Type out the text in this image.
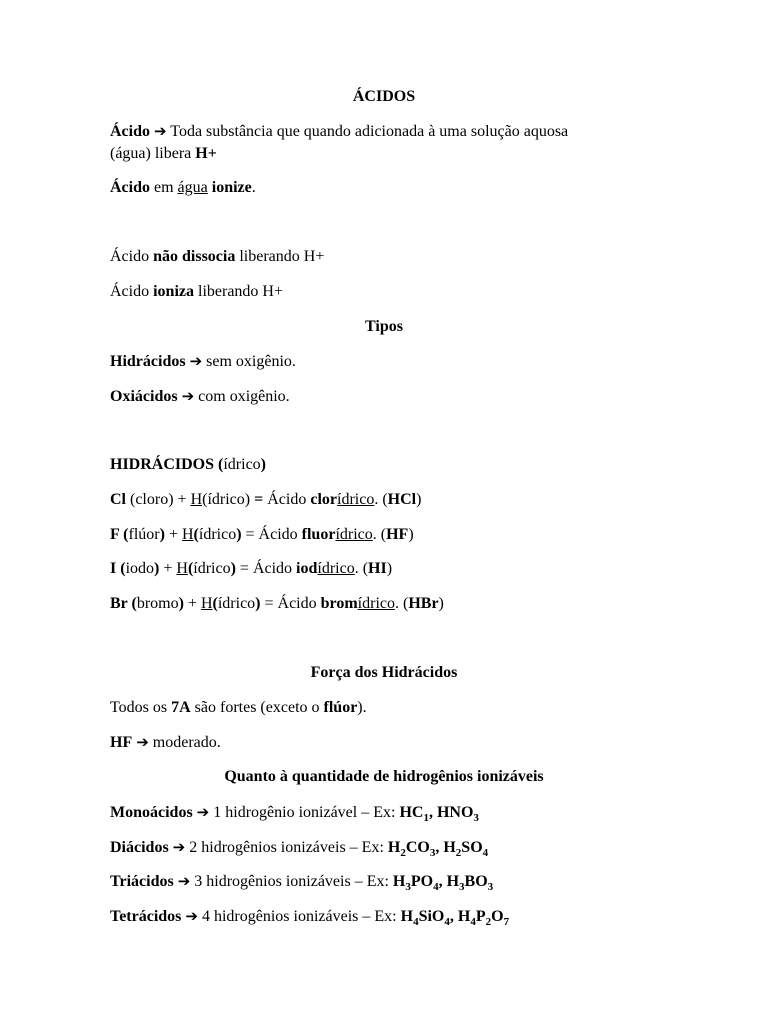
ÁCIDOS
Ácido ➔ Toda substância que quando adicionada à uma solução aquosa
(água) libera H+
Ácido em água ionize.
Ácido não dissocia liberando H+
Ácido ioniza liberando H+
Tipos
Hidrácidos ➔ sem oxigênio.
Oxiácidos ➔ com oxigênio.
HIDRÁCIDOS (ídrico)
Cl (cloro) + H(ídrico) = Ácido clorídrico. (HCl)
F (flúor) + H(ídrico) = Ácido fluorídrico. (HF)
I (iodo) + H(ídrico) = Ácido iodídrico. (HI)
Br (bromo) + H(ídrico) = Ácido bromídrico. (HBr)
Força dos Hidrácidos
Todos os 7A são fortes (exceto o flúor).
HF ➔ moderado.
Quanto à quantidade de hidrogênios ionizáveis
Monoácidos ➔ 1 hidrogênio ionizável – Ex: $HC_1$, $HNO_3$
Diácidos ➔ 2 hidrogênios ionizáveis – Ex: $H_2CO_3$, $H_2SO_4$
Triácidos ➔ 3 hidrogênios ionizáveis – Ex: $H_3PO_4$, $H_3BO_3$
Tetrácidos ➔ 4 hidrogênios ionizáveis – Ex: $H_4SiO_4$, $H_4P_2O_7$
